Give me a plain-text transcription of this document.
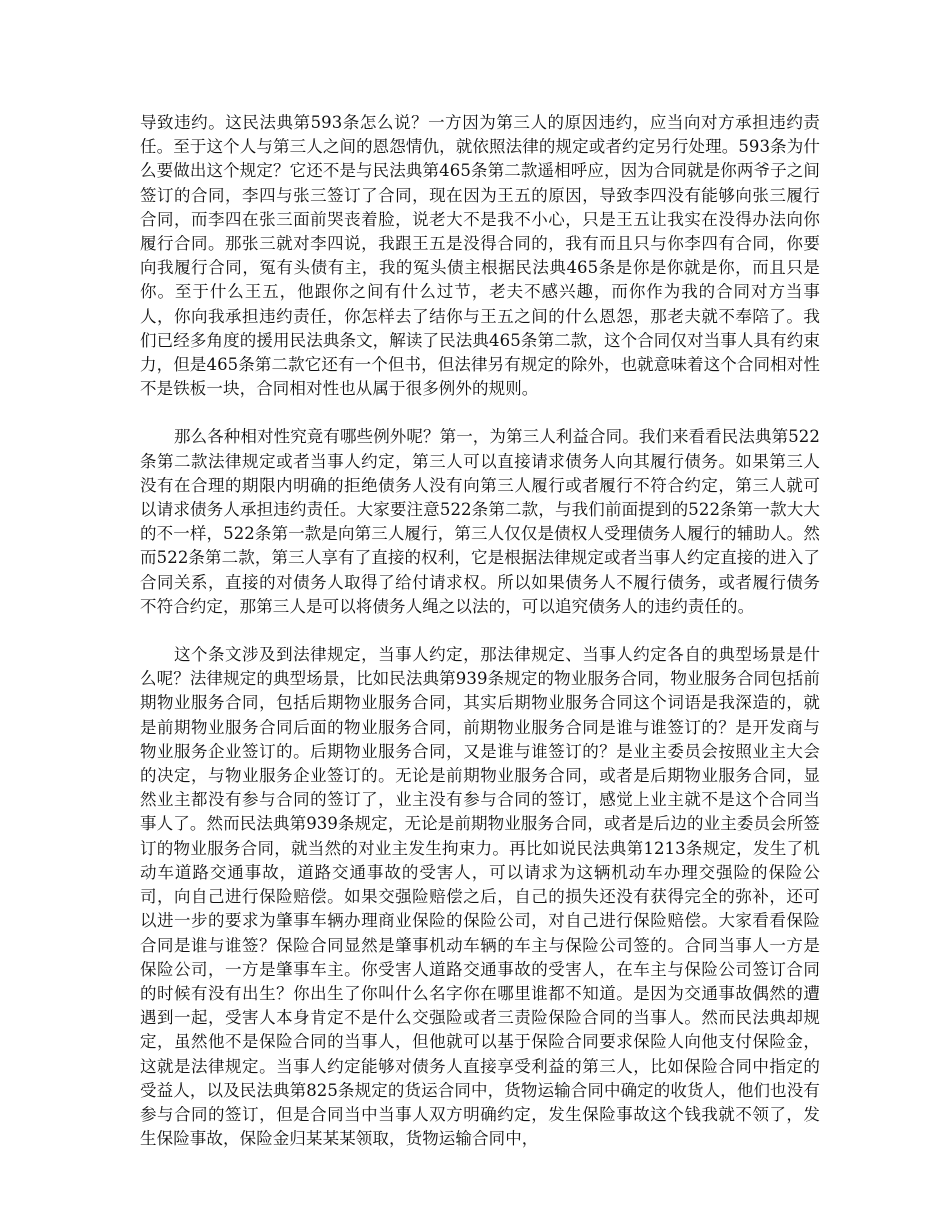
导致违约。这民法典第593条怎么说？一方因为第三人的原因违约，应当向对方承担违约责任。至于这个人与第三人之间的恩怨情仇，就依照法律的规定或者约定另行处理。593条为什么要做出这个规定？它还不是与民法典第465条第二款遥相呼应，因为合同就是你两爷子之间签订的合同，李四与张三签订了合同，现在因为王五的原因，导致李四没有能够向张三履行合同，而李四在张三面前哭丧着脸，说老大不是我不小心，只是王五让我实在没得办法向你履行合同。那张三就对李四说，我跟王五是没得合同的，我有而且只与你李四有合同，你要向我履行合同，冤有头债有主，我的冤头债主根据民法典465条是你是你就是你，而且只是你。至于什么王五，他跟你之间有什么过节，老夫不感兴趣，而你作为我的合同对方当事人，你向我承担违约责任，你怎样去了结你与王五之间的什么恩怨，那老夫就不奉陪了。我们已经多角度的援用民法典条文，解读了民法典465条第二款，这个合同仅对当事人具有约束力，但是465条第二款它还有一个但书，但法律另有规定的除外，也就意味着这个合同相对性不是铁板一块，合同相对性也从属于很多例外的规则。

那么各种相对性究竟有哪些例外呢？第一，为第三人利益合同。我们来看看民法典第522条第二款法律规定或者当事人约定，第三人可以直接请求债务人向其履行债务。如果第三人没有在合理的期限内明确的拒绝债务人没有向第三人履行或者履行不符合约定，第三人就可以请求债务人承担违约责任。大家要注意522条第二款，与我们前面提到的522条第一款大大的不一样，522条第一款是向第三人履行，第三人仅仅是债权人受理债务人履行的辅助人。然而522条第二款，第三人享有了直接的权利，它是根据法律规定或者当事人约定直接的进入了合同关系，直接的对债务人取得了给付请求权。所以如果债务人不履行债务，或者履行债务不符合约定，那第三人是可以将债务人绳之以法的，可以追究债务人的违约责任的。

这个条文涉及到法律规定，当事人约定，那法律规定、当事人约定各自的典型场景是什么呢？法律规定的典型场景，比如民法典第939条规定的物业服务合同，物业服务合同包括前期物业服务合同，包括后期物业服务合同，其实后期物业服务合同这个词语是我深造的，就是前期物业服务合同后面的物业服务合同，前期物业服务合同是谁与谁签订的？是开发商与物业服务企业签订的。后期物业服务合同，又是谁与谁签订的？是业主委员会按照业主大会的决定，与物业服务企业签订的。无论是前期物业服务合同，或者是后期物业服务合同，显然业主都没有参与合同的签订了，业主没有参与合同的签订，感觉上业主就不是这个合同当事人了。然而民法典第939条规定，无论是前期物业服务合同，或者是后边的业主委员会所签订的物业服务合同，就当然的对业主发生拘束力。再比如说民法典第1213条规定，发生了机动车道路交通事故，道路交通事故的受害人，可以请求为这辆机动车办理交强险的保险公司，向自己进行保险赔偿。如果交强险赔偿之后，自己的损失还没有获得完全的弥补，还可以进一步的要求为肇事车辆办理商业保险的保险公司，对自己进行保险赔偿。大家看看保险合同是谁与谁签？保险合同显然是肇事机动车辆的车主与保险公司签的。合同当事人一方是保险公司，一方是肇事车主。你受害人道路交通事故的受害人，在车主与保险公司签订合同的时候有没有出生？你出生了你叫什么名字你在哪里谁都不知道。是因为交通事故偶然的遭遇到一起，受害人本身肯定不是什么交强险或者三责险保险合同的当事人。然而民法典却规定，虽然他不是保险合同的当事人，但他就可以基于保险合同要求保险人向他支付保险金，这就是法律规定。当事人约定能够对债务人直接享受利益的第三人，比如保险合同中指定的受益人，以及民法典第825条规定的货运合同中，货物运输合同中确定的收货人，他们也没有参与合同的签订，但是合同当中当事人双方明确约定，发生保险事故这个钱我就不领了，发生保险事故，保险金归某某某领取，货物运输合同中，
